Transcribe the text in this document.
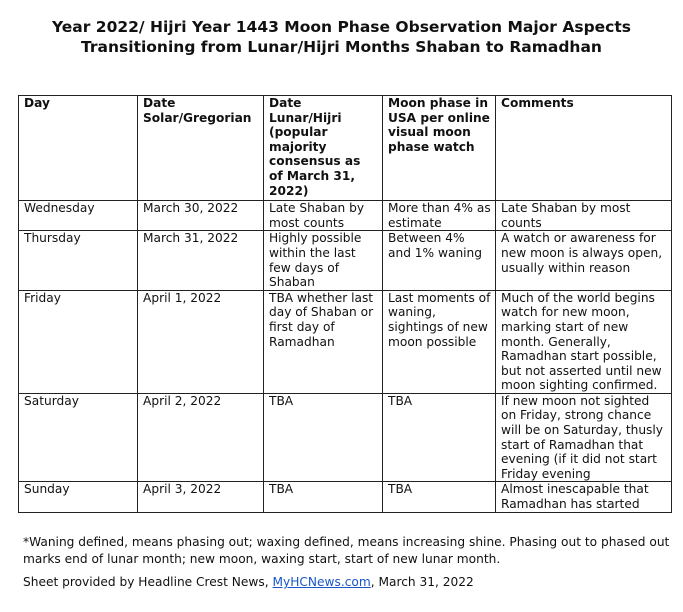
Year 2022/ Hijri Year 1443 Moon Phase Observation Major Aspects
Transitioning from Lunar/Hijri Months Shaban to Ramadhan
Day	Date Solar/Gregorian	Date Lunar/Hijri (popular majority consensus as of March 31, 2022)	Moon phase in USA per online visual moon phase watch	Comments
Wednesday	March 30, 2022	Late Shaban by most counts	More than 4% as estimate	Late Shaban by most counts
Thursday	March 31, 2022	Highly possible within the last few days of Shaban	Between 4% and 1% waning	A watch or awareness for new moon is always open, usually within reason
Friday	April 1, 2022	TBA whether last day of Shaban or first day of Ramadhan	Last moments of waning, sightings of new moon possible	Much of the world begins watch for new moon, marking start of new month. Generally, Ramadhan start possible, but not asserted until new moon sighting confirmed.
Saturday	April 2, 2022	TBA	TBA	If new moon not sighted on Friday, strong chance will be on Saturday, thusly start of Ramadhan that evening (if it did not start Friday evening
Sunday	April 3, 2022	TBA	TBA	Almost inescapable that Ramadhan has started
*Waning defined, means phasing out; waxing defined, means increasing shine. Phasing out to phased out marks end of lunar month; new moon, waxing start, start of new lunar month.
Sheet provided by Headline Crest News, MyHCNews.com, March 31, 2022
